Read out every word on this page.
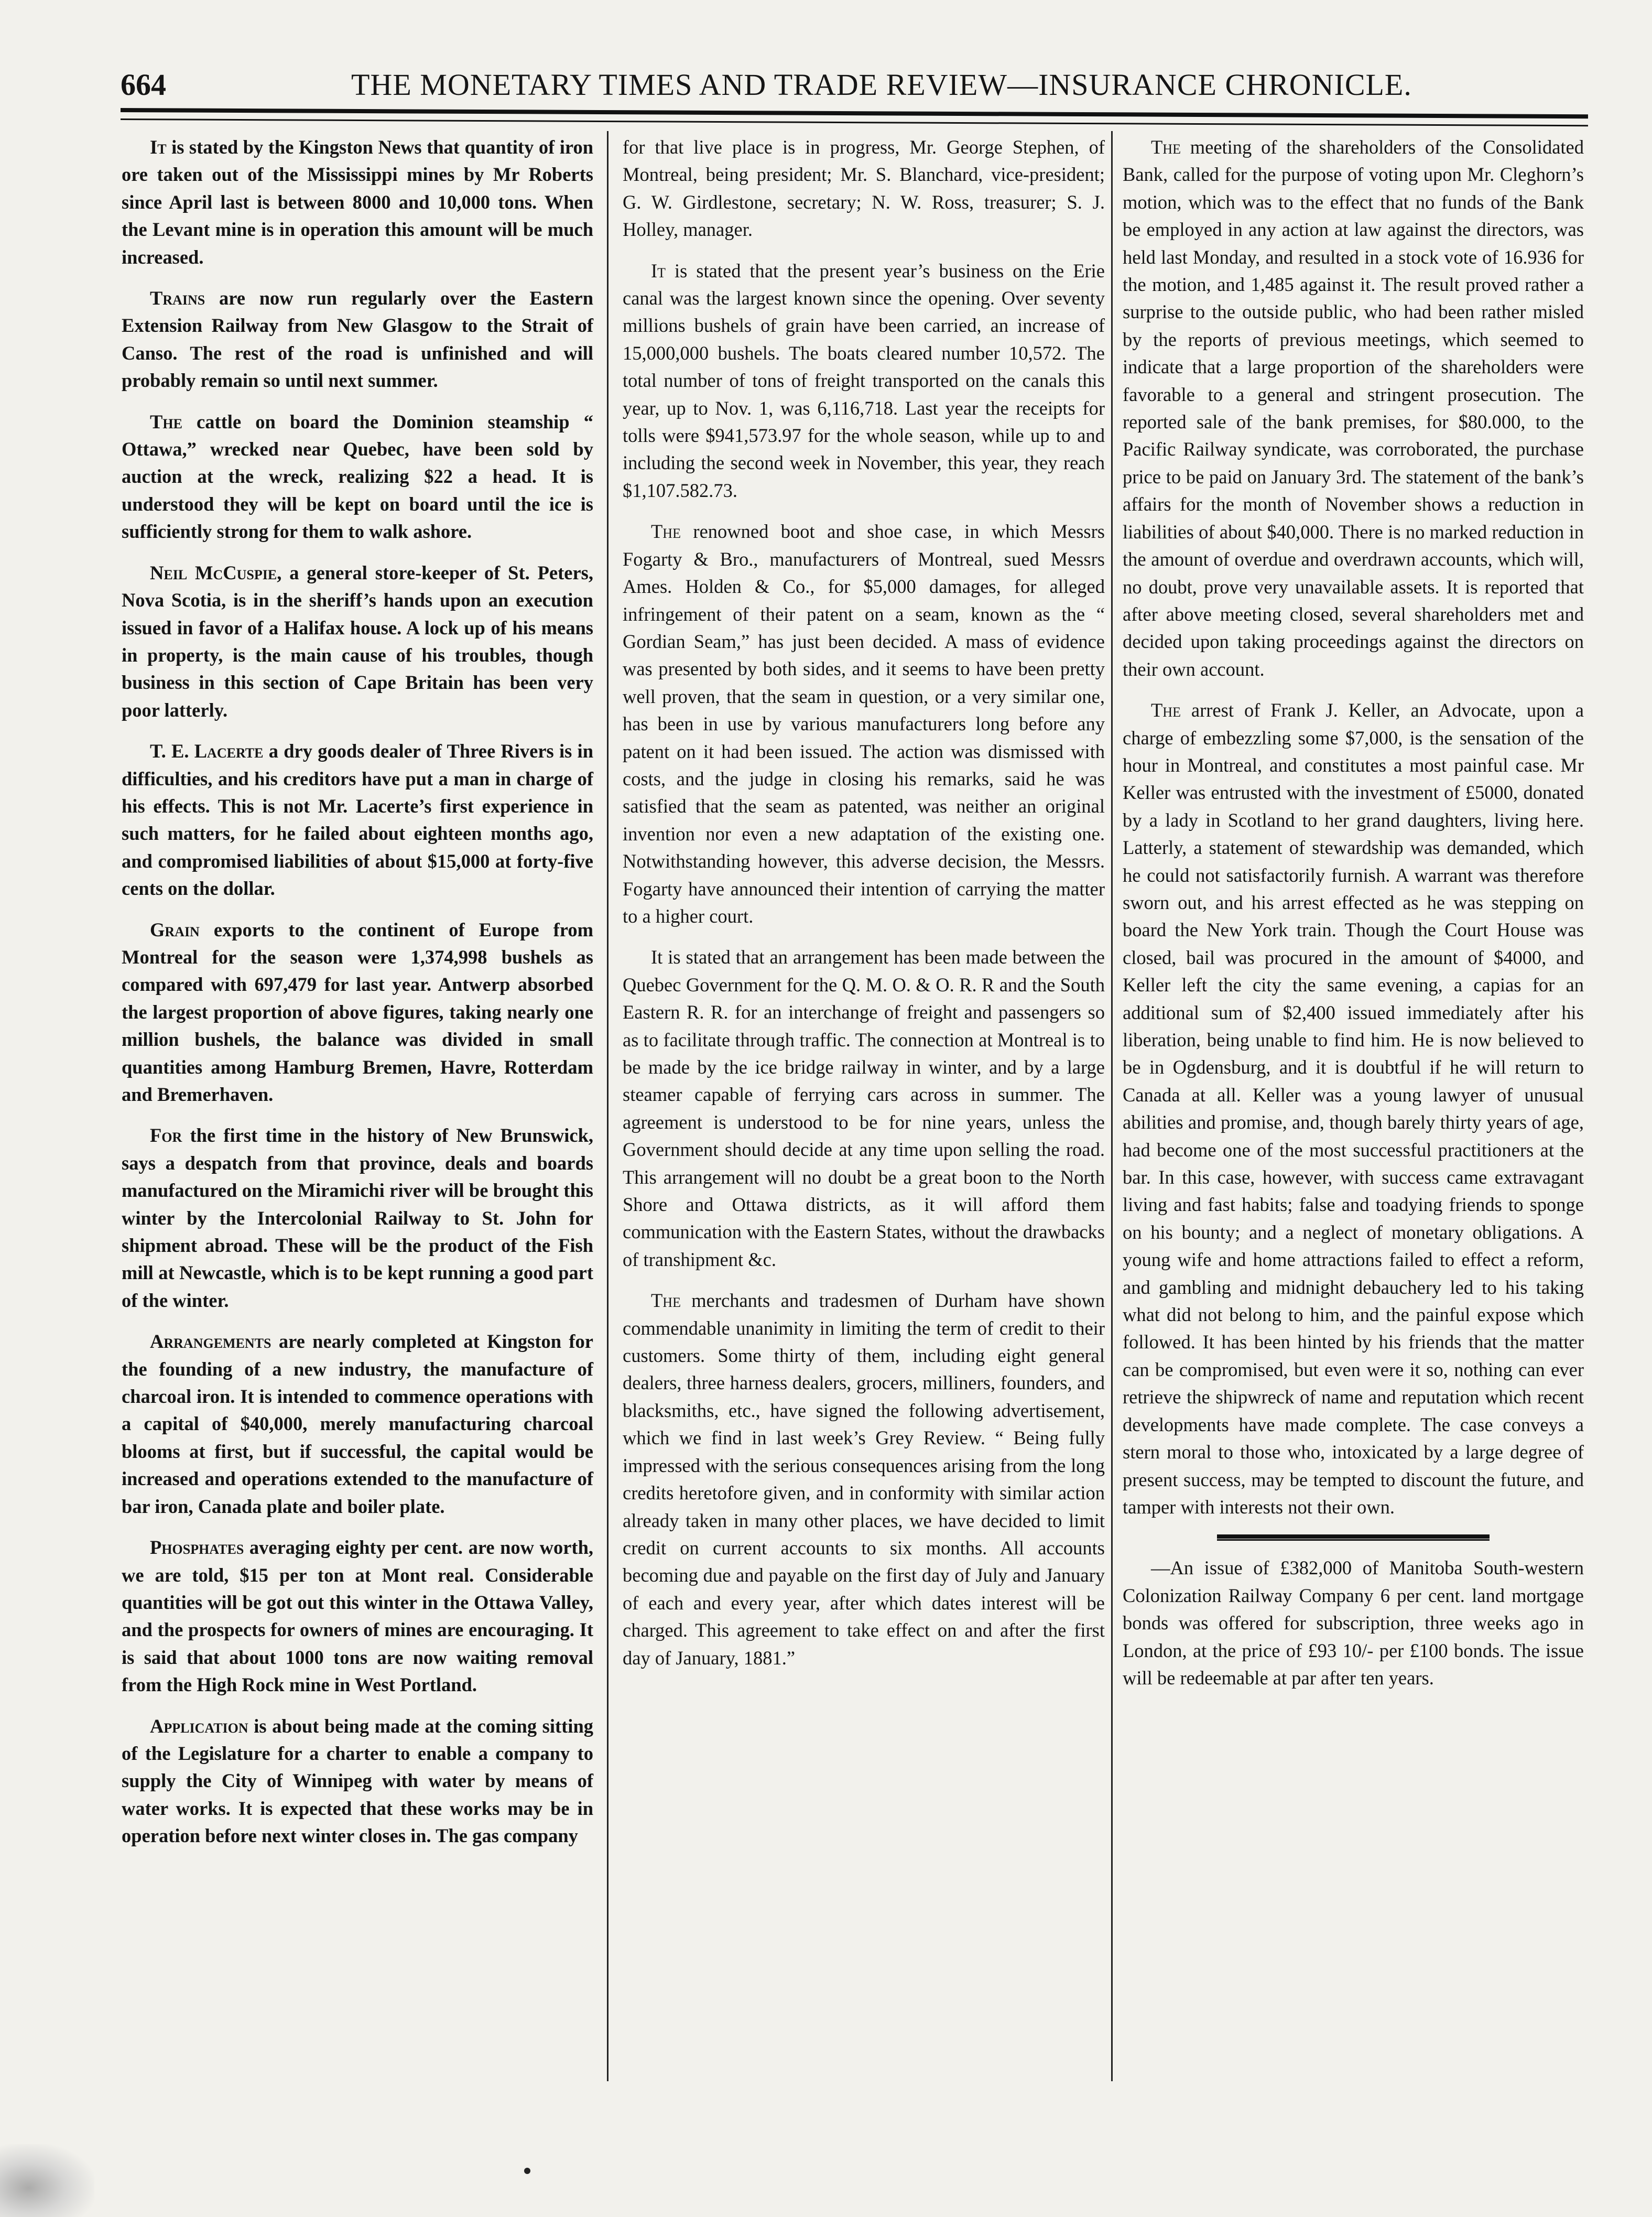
664	THE MONETARY TIMES AND TRADE REVIEW—INSURANCE CHRONICLE.

It is stated by the Kingston News that quantity of iron ore taken out of the Mississippi mines by Mr Roberts since April last is between 8000 and 10,000 tons. When the Levant mine is in operation this amount will be much increased.

Trains are now run regularly over the Eastern Extension Railway from New Glasgow to the Strait of Canso. The rest of the road is unfinished and will probably remain so until next summer.

The cattle on board the Dominion steamship “ Ottawa,” wrecked near Quebec, have been sold by auction at the wreck, realizing $22 a head. It is understood they will be kept on board until the ice is sufficiently strong for them to walk ashore.

Neil McCuspie, a general store-keeper of St. Peters, Nova Scotia, is in the sheriff’s hands upon an execution issued in favor of a Halifax house. A lock up of his means in property, is the main cause of his troubles, though business in this section of Cape Britain has been very poor latterly.

T. E. Lacerte a dry goods dealer of Three Rivers is in difficulties, and his creditors have put a man in charge of his effects. This is not Mr. Lacerte’s first experience in such matters, for he failed about eighteen months ago, and compromised liabilities of about $15,000 at forty-five cents on the dollar.

Grain exports to the continent of Europe from Montreal for the season were 1,374,998 bushels as compared with 697,479 for last year. Antwerp absorbed the largest proportion of above figures, taking nearly one million bushels, the balance was divided in small quantities among Hamburg Bremen, Havre, Rotterdam and Bremerhaven.

For the first time in the history of New Brunswick, says a despatch from that province, deals and boards manufactured on the Miramichi river will be brought this winter by the Intercolonial Railway to St. John for shipment abroad. These will be the product of the Fish mill at Newcastle, which is to be kept running a good part of the winter.

Arrangements are nearly completed at Kingston for the founding of a new industry, the manufacture of charcoal iron. It is intended to commence operations with a capital of $40,000, merely manufacturing charcoal blooms at first, but if successful, the capital would be increased and operations extended to the manufacture of bar iron, Canada plate and boiler plate.

Phosphates averaging eighty per cent. are now worth, we are told, $15 per ton at Mont real. Considerable quantities will be got out this winter in the Ottawa Valley, and the prospects for owners of mines are encouraging. It is said that about 1000 tons are now waiting removal from the High Rock mine in West Portland.

Application is about being made at the coming sitting of the Legislature for a charter to enable a company to supply the City of Winnipeg with water by means of water works. It is expected that these works may be in operation before next winter closes in. The gas company

for that live place is in progress, Mr. George Stephen, of Montreal, being president; Mr. S. Blanchard, vice-president; G. W. Girdlestone, secretary; N. W. Ross, treasurer; S. J. Holley, manager.

It is stated that the present year’s business on the Erie canal was the largest known since the opening. Over seventy millions bushels of grain have been carried, an increase of 15,000,000 bushels. The boats cleared number 10,572. The total number of tons of freight transported on the canals this year, up to Nov. 1, was 6,116,718. Last year the receipts for tolls were $941,573.97 for the whole season, while up to and including the second week in November, this year, they reach $1,107.582.73.

The renowned boot and shoe case, in which Messrs Fogarty & Bro., manufacturers of Montreal, sued Messrs Ames. Holden & Co., for $5,000 damages, for alleged infringement of their patent on a seam, known as the “ Gordian Seam,” has just been decided. A mass of evidence was presented by both sides, and it seems to have been pretty well proven, that the seam in question, or a very similar one, has been in use by various manufacturers long before any patent on it had been issued. The action was dismissed with costs, and the judge in closing his remarks, said he was satisfied that the seam as patented, was neither an original invention nor even a new adaptation of the existing one. Notwithstanding however, this adverse decision, the Messrs. Fogarty have announced their intention of carrying the matter to a higher court.

It is stated that an arrangement has been made between the Quebec Government for the Q. M. O. & O. R. R and the South Eastern R. R. for an interchange of freight and passengers so as to facilitate through traffic. The connection at Montreal is to be made by the ice bridge railway in winter, and by a large steamer capable of ferrying cars across in summer. The agreement is understood to be for nine years, unless the Government should decide at any time upon selling the road. This arrangement will no doubt be a great boon to the North Shore and Ottawa districts, as it will afford them communication with the Eastern States, without the drawbacks of transhipment &c.

The merchants and tradesmen of Durham have shown commendable unanimity in limiting the term of credit to their customers. Some thirty of them, including eight general dealers, three harness dealers, grocers, milliners, founders, and blacksmiths, etc., have signed the following advertisement, which we find in last week’s Grey Review. “ Being fully impressed with the serious consequences arising from the long credits heretofore given, and in conformity with similar action already taken in many other places, we have decided to limit credit on current accounts to six months. All accounts becoming due and payable on the first day of July and January of each and every year, after which dates interest will be charged. This agreement to take effect on and after the first day of January, 1881.”

The meeting of the shareholders of the Consolidated Bank, called for the purpose of voting upon Mr. Cleghorn’s motion, which was to the effect that no funds of the Bank be employed in any action at law against the directors, was held last Monday, and resulted in a stock vote of 16.936 for the motion, and 1,485 against it. The result proved rather a surprise to the outside public, who had been rather misled by the reports of previous meetings, which seemed to indicate that a large proportion of the shareholders were favorable to a general and stringent prosecution. The reported sale of the bank premises, for $80.000, to the Pacific Railway syndicate, was corroborated, the purchase price to be paid on January 3rd. The statement of the bank’s affairs for the month of November shows a reduction in liabilities of about $40,000. There is no marked reduction in the amount of overdue and overdrawn accounts, which will, no doubt, prove very unavailable assets. It is reported that after above meeting closed, several shareholders met and decided upon taking proceedings against the directors on their own account.

The arrest of Frank J. Keller, an Advocate, upon a charge of embezzling some $7,000, is the sensation of the hour in Montreal, and constitutes a most painful case. Mr Keller was entrusted with the investment of £5000, donated by a lady in Scotland to her grand daughters, living here. Latterly, a statement of stewardship was demanded, which he could not satisfactorily furnish. A warrant was therefore sworn out, and his arrest effected as he was stepping on board the New York train. Though the Court House was closed, bail was procured in the amount of $4000, and Keller left the city the same evening, a capias for an additional sum of $2,400 issued immediately after his liberation, being unable to find him. He is now believed to be in Ogdensburg, and it is doubtful if he will return to Canada at all. Keller was a young lawyer of unusual abilities and promise, and, though barely thirty years of age, had become one of the most successful practitioners at the bar. In this case, however, with success came extravagant living and fast habits; false and toadying friends to sponge on his bounty; and a neglect of monetary obligations. A young wife and home attractions failed to effect a reform, and gambling and midnight debauchery led to his taking what did not belong to him, and the painful expose which followed. It has been hinted by his friends that the matter can be compromised, but even were it so, nothing can ever retrieve the shipwreck of name and reputation which recent developments have made complete. The case conveys a stern moral to those who, intoxicated by a large degree of present success, may be tempted to discount the future, and tamper with interests not their own.

—An issue of £382,000 of Manitoba South-western Colonization Railway Company 6 per cent. land mortgage bonds was offered for subscription, three weeks ago in London, at the price of £93 10/- per £100 bonds. The issue will be redeemable at par after ten years.
